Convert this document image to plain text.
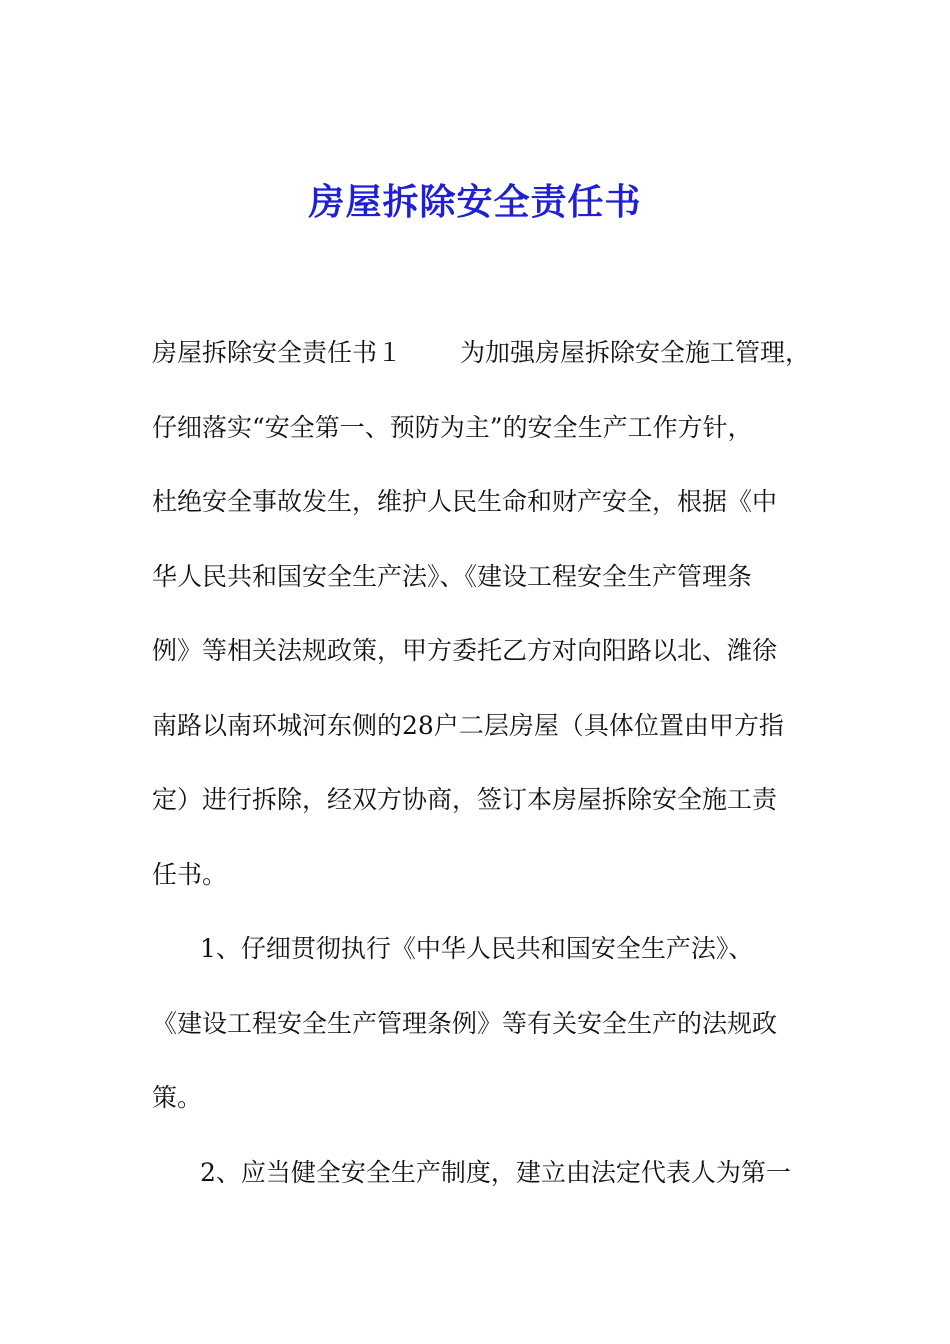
房屋拆除安全责任书

房屋拆除安全责任书１ 为加强房屋拆除安全施工管理，

仔细落实“安全第一、预防为主”的安全生产工作方针，

杜绝安全事故发生，维护人民生命和财产安全，根据《中

华人民共和国安全生产法》、《建设工程安全生产管理条

例》等相关法规政策，甲方委托乙方对向阳路以北、潍徐

南路以南环城河东侧的28户二层房屋（具体位置由甲方指

定）进行拆除，经双方协商，签订本房屋拆除安全施工责

任书。

1、仔细贯彻执行《中华人民共和国安全生产法》、

《建设工程安全生产管理条例》等有关安全生产的法规政

策。

2、应当健全安全生产制度，建立由法定代表人为第一
